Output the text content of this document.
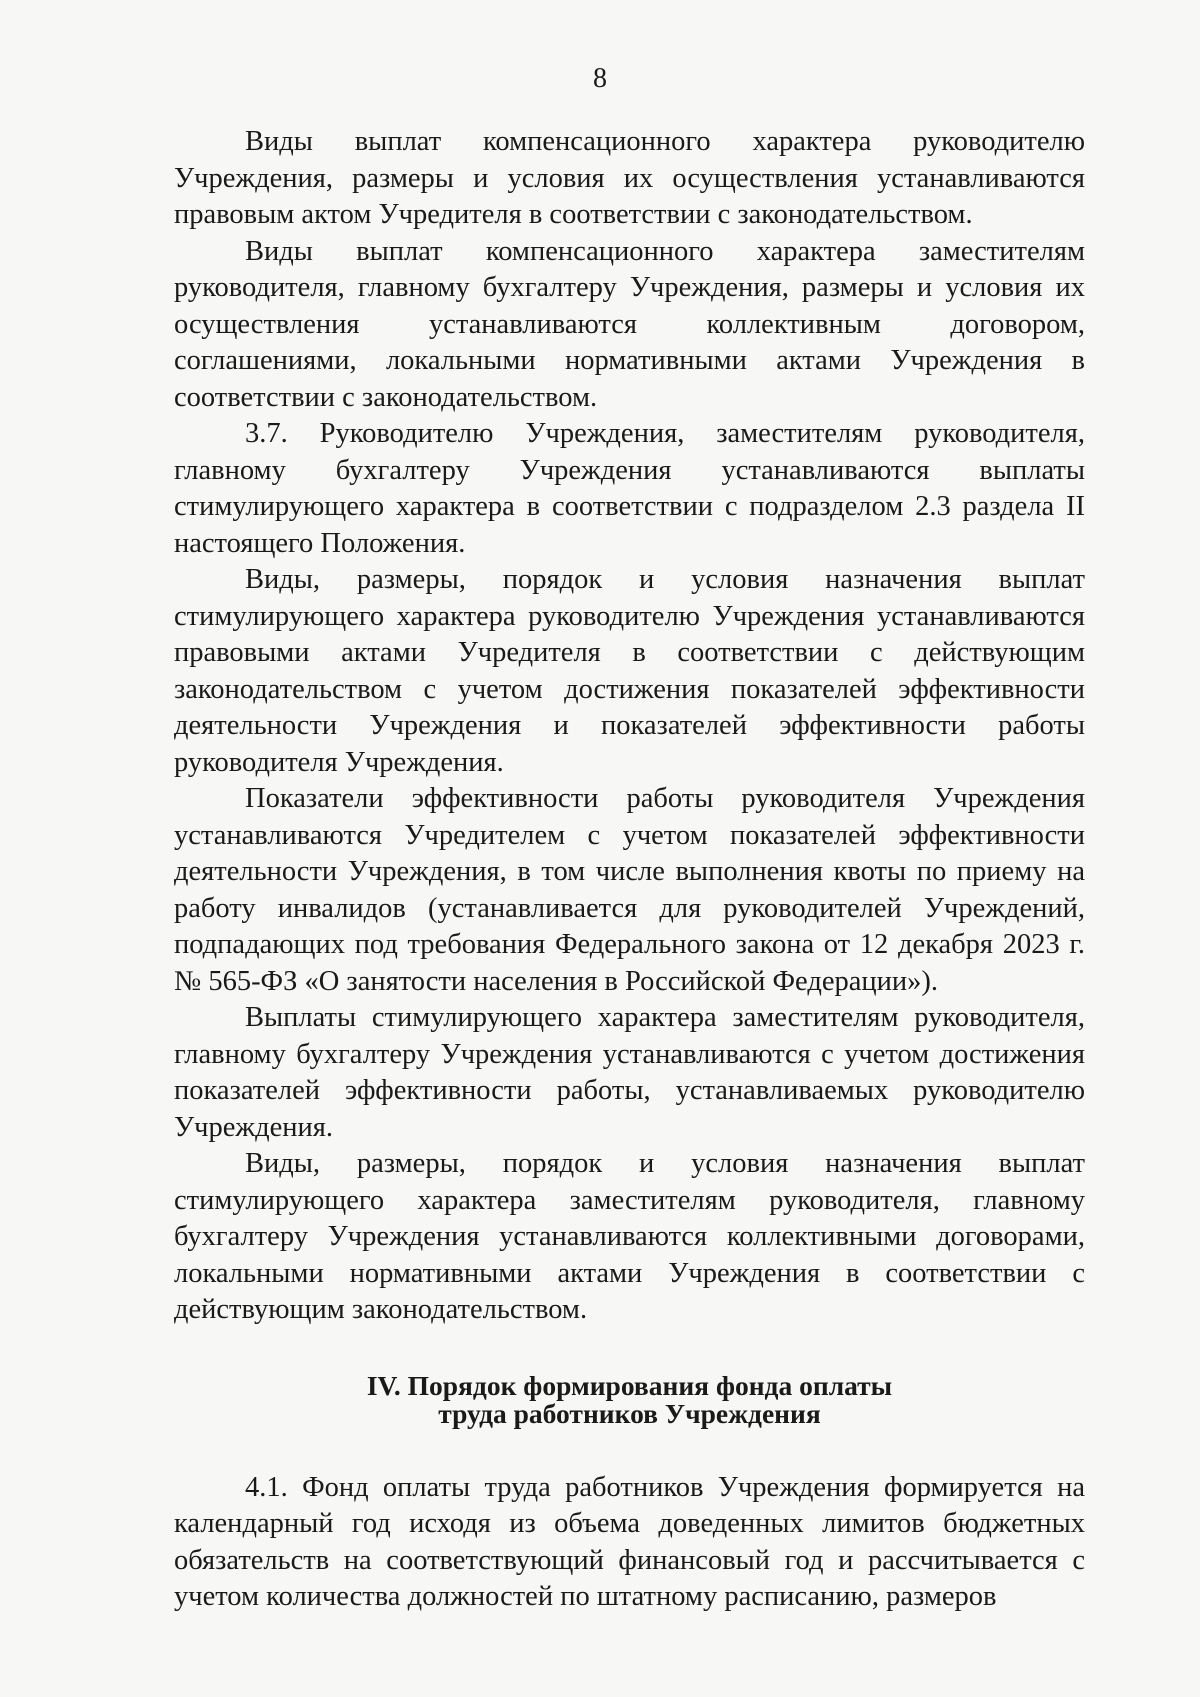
8

Виды выплат компенсационного характера руководителю Учреждения, размеры и условия их осуществления устанавливаются правовым актом Учредителя в соответствии с законодательством.

Виды выплат компенсационного характера заместителям руководителя, главному бухгалтеру Учреждения, размеры и условия их осуществления устанавливаются коллективным договором, соглашениями, локальными нормативными актами Учреждения в соответствии с законодательством.

3.7. Руководителю Учреждения, заместителям руководителя, главному бухгалтеру Учреждения устанавливаются выплаты стимулирующего характера в соответствии с подразделом 2.3 раздела II настоящего Положения.

Виды, размеры, порядок и условия назначения выплат стимулирующего характера руководителю Учреждения устанавливаются правовыми актами Учредителя в соответствии с действующим законодательством с учетом достижения показателей эффективности деятельности Учреждения и показателей эффективности работы руководителя Учреждения.

Показатели эффективности работы руководителя Учреждения устанавливаются Учредителем с учетом показателей эффективности деятельности Учреждения, в том числе выполнения квоты по приему на работу инвалидов (устанавливается для руководителей Учреждений, подпадающих под требования Федерального закона от 12 декабря 2023 г. № 565-ФЗ «О занятости населения в Российской Федерации»).

Выплаты стимулирующего характера заместителям руководителя, главному бухгалтеру Учреждения устанавливаются с учетом достижения показателей эффективности работы, устанавливаемых руководителю Учреждения.

Виды, размеры, порядок и условия назначения выплат стимулирующего характера заместителям руководителя, главному бухгалтеру Учреждения устанавливаются коллективными договорами, локальными нормативными актами Учреждения в соответствии с действующим законодательством.

IV. Порядок формирования фонда оплаты
труда работников Учреждения

4.1. Фонд оплаты труда работников Учреждения формируется на календарный год исходя из объема доведенных лимитов бюджетных обязательств на соответствующий финансовый год и рассчитывается с учетом количества должностей по штатному расписанию, размеров
